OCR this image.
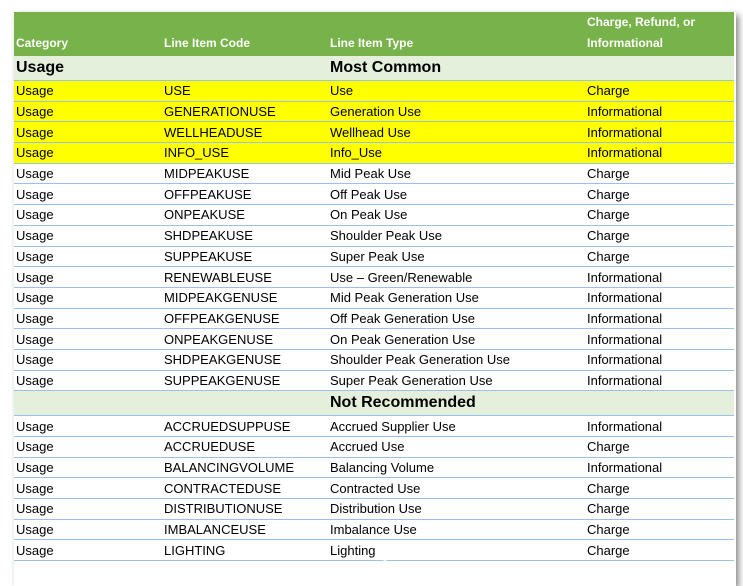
Category	Line Item Code	Line Item Type	Charge, Refund, or Informational
Usage		Most Common	
Usage	USE	Use	Charge
Usage	GENERATIONUSE	Generation Use	Informational
Usage	WELLHEADUSE	Wellhead Use	Informational
Usage	INFO_USE	Info_Use	Informational
Usage	MIDPEAKUSE	Mid Peak Use	Charge
Usage	OFFPEAKUSE	Off Peak Use	Charge
Usage	ONPEAKUSE	On Peak Use	Charge
Usage	SHDPEAKUSE	Shoulder Peak Use	Charge
Usage	SUPPEAKUSE	Super Peak Use	Charge
Usage	RENEWABLEUSE	Use – Green/Renewable	Informational
Usage	MIDPEAKGENUSE	Mid Peak Generation Use	Informational
Usage	OFFPEAKGENUSE	Off Peak Generation Use	Informational
Usage	ONPEAKGENUSE	On Peak Generation Use	Informational
Usage	SHDPEAKGENUSE	Shoulder Peak Generation Use	Informational
Usage	SUPPEAKGENUSE	Super Peak Generation Use	Informational
		Not Recommended	
Usage	ACCRUEDSUPPUSE	Accrued Supplier Use	Informational
Usage	ACCRUEDUSE	Accrued Use	Charge
Usage	BALANCINGVOLUME	Balancing Volume	Informational
Usage	CONTRACTEDUSE	Contracted Use	Charge
Usage	DISTRIBUTIONUSE	Distribution Use	Charge
Usage	IMBALANCEUSE	Imbalance Use	Charge
Usage	LIGHTING	Lighting	Charge
